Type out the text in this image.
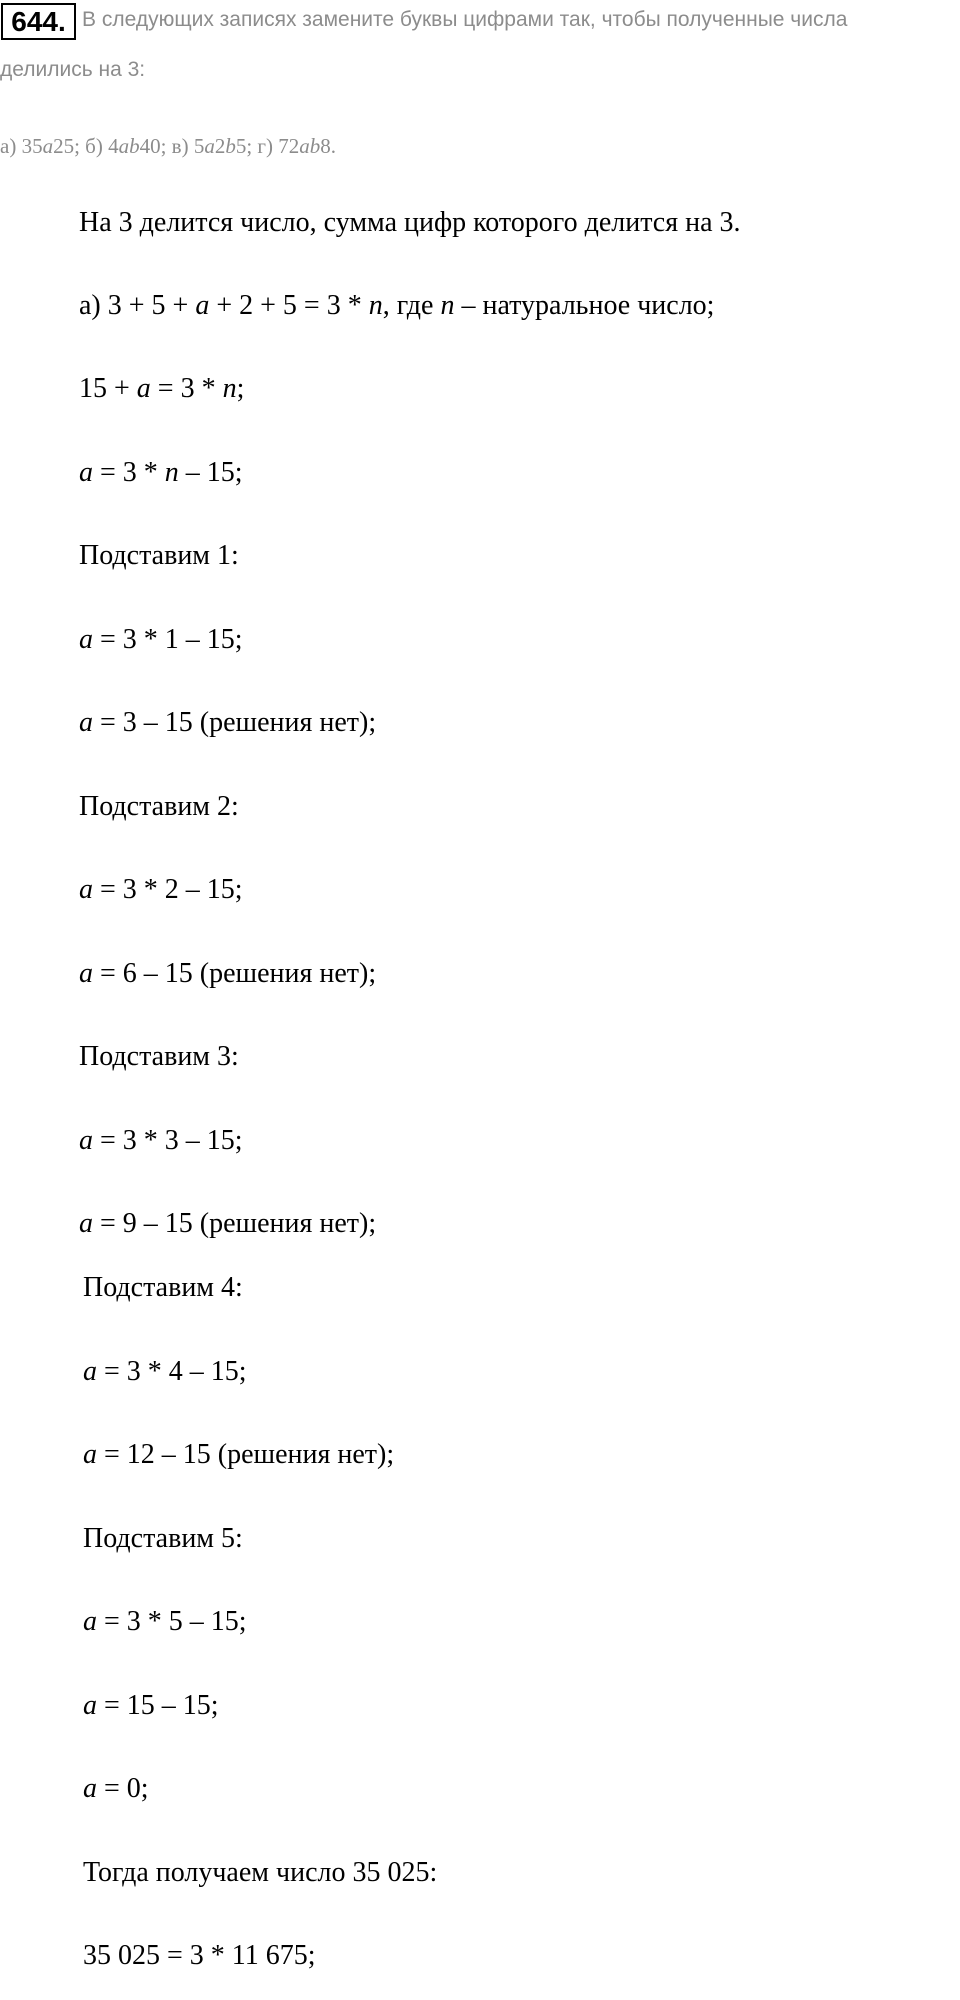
644. В следующих записях замените буквы цифрами так, чтобы полученные числа
делились на 3:
а) 35a25; б) 4ab40; в) 5a2b5; г) 72ab8.
На 3 делится число, сумма цифр которого делится на 3.
а) 3 + 5 + a + 2 + 5 = 3 * n, где n – натуральное число;
15 + a = 3 * n;
a = 3 * n – 15;
Подставим 1:
a = 3 * 1 – 15;
a = 3 – 15 (решения нет);
Подставим 2:
a = 3 * 2 – 15;
a = 6 – 15 (решения нет);
Подставим 3:
a = 3 * 3 – 15;
a = 9 – 15 (решения нет);
Подставим 4:
a = 3 * 4 – 15;
a = 12 – 15 (решения нет);
Подставим 5:
a = 3 * 5 – 15;
a = 15 – 15;
a = 0;
Тогда получаем число 35 025:
35 025 = 3 * 11 675;
